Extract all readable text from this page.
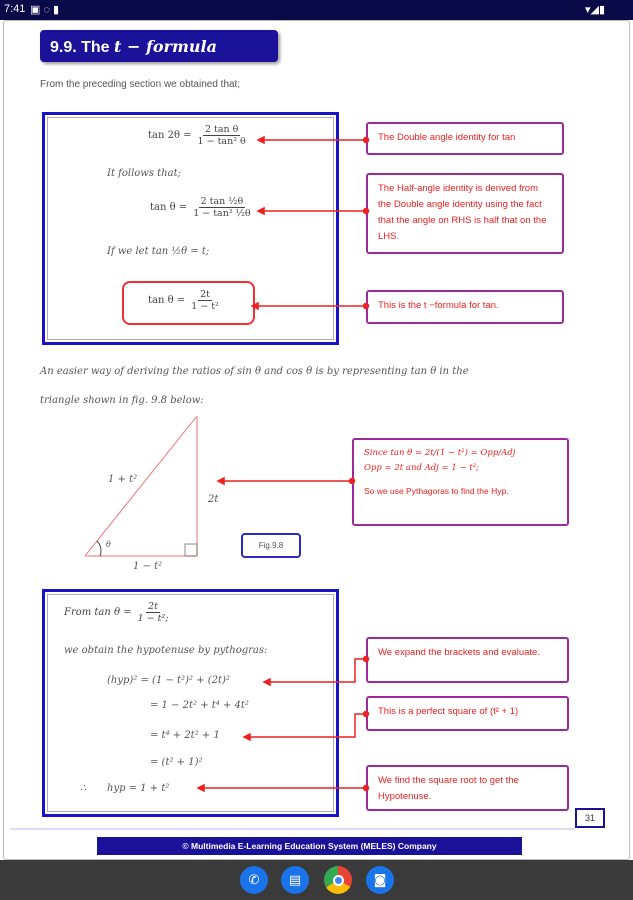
7:41 ▣ ◌ ▮	▾◢▮
9.9. The t − formula
From the preceding section we obtained that;
$\tan 2\theta = \frac{\text{2 tan θ}}{\text{1 − tan² θ}}$
It follows that;
$\tan \theta = \frac{\text{2 tan ½θ}}{\text{1 − tan² ½θ}}$
If we let tan ½θ = t;
$\tan \theta = \frac{2t}{\text{1 − t²}}$
The Double angle identity for tan
The Half-angle identity is derived from the Double angle identity using the fact that the angle on RHS is half that on the LHS.
This is the t −formula for tan.
An easier way of deriving the ratios of sin θ and cos θ is by representing tan θ in the
triangle shown in fig. 9.8 below:
1 + t²
2t
1 − t²
θ	Fig.9.8
Since tan θ = 2t/(1 − t²) = Opp/Adj
Opp = 2t and Adj = 1 − t²;
So we use Pythagoras to find the Hyp.
From $\tan \theta = \frac{2t}{\text{1 − t²;}}$
we obtain the hypotenuse by pythogras:
(hyp)² = (1 − t²)² + (2t)²
= 1 − 2t² + t⁴ + 4t²
= t⁴ + 2t² + 1
= (t² + 1)²
∴ hyp = 1 + t²
We expand the brackets and evaluate.
This is a perfect square of (t² + 1)
We find the square root to get the Hypotenuse.
31
© Multimedia E-Learning Education System (MELES) Company
✆	▤	◙
